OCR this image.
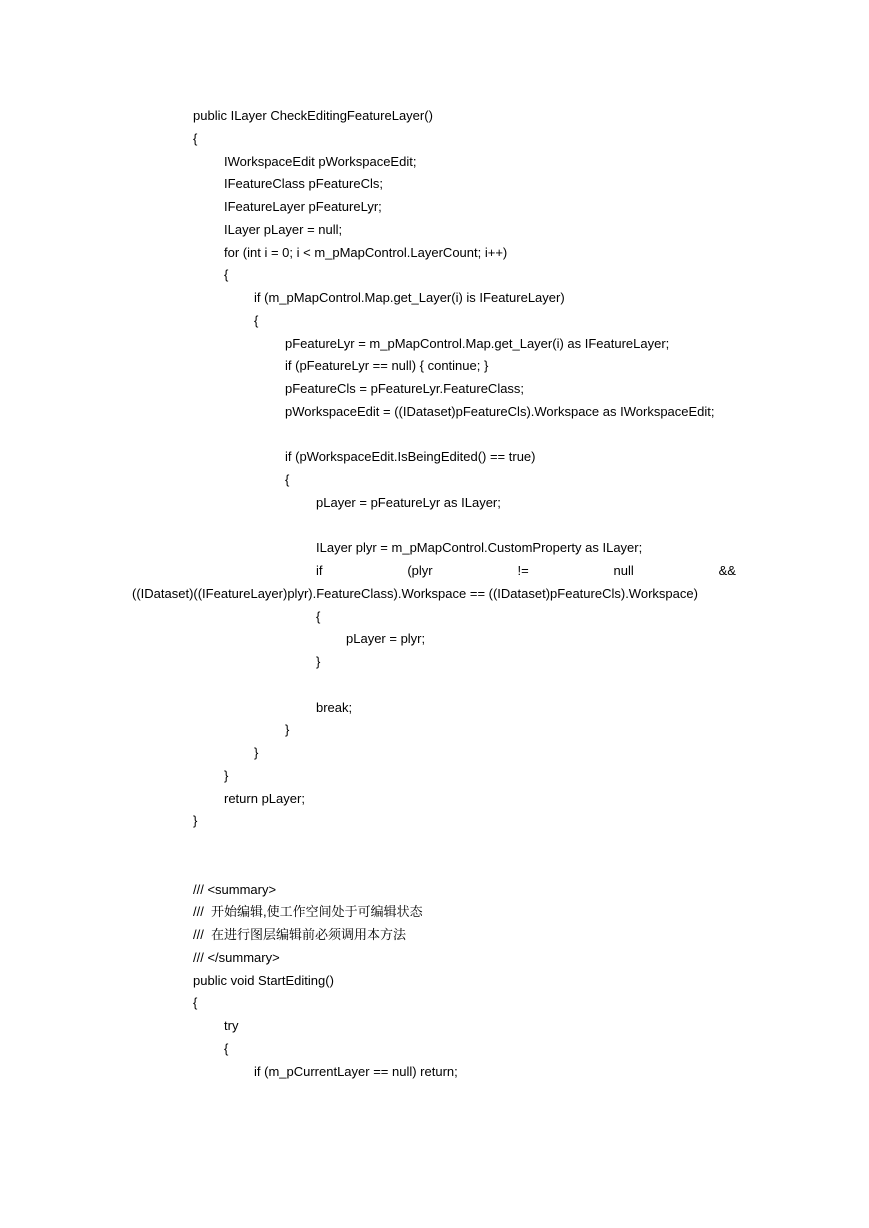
public ILayer CheckEditingFeatureLayer()
{
IWorkspaceEdit pWorkspaceEdit;
IFeatureClass pFeatureCls;
IFeatureLayer pFeatureLyr;
ILayer pLayer = null;
for (int i = 0; i < m_pMapControl.LayerCount; i++)
{
if (m_pMapControl.Map.get_Layer(i) is IFeatureLayer)
{
pFeatureLyr = m_pMapControl.Map.get_Layer(i) as IFeatureLayer;
if (pFeatureLyr == null) { continue; }
pFeatureCls = pFeatureLyr.FeatureClass;
pWorkspaceEdit = ((IDataset)pFeatureCls).Workspace as IWorkspaceEdit;
if (pWorkspaceEdit.IsBeingEdited() == true)
{
pLayer = pFeatureLyr as ILayer;
ILayer plyr = m_pMapControl.CustomProperty as ILayer;
if	(plyr	!=	null	&&
((IDataset)((IFeatureLayer)plyr).FeatureClass).Workspace == ((IDataset)pFeatureCls).Workspace)
{
pLayer = plyr;
}
break;
}
}
}
return pLayer;
}
/// <summary>
///  开始编辑,使工作空间处于可编辑状态
///  在进行图层编辑前必须调用本方法
/// </summary>
public void StartEditing()
{
try
{
if (m_pCurrentLayer == null) return;
